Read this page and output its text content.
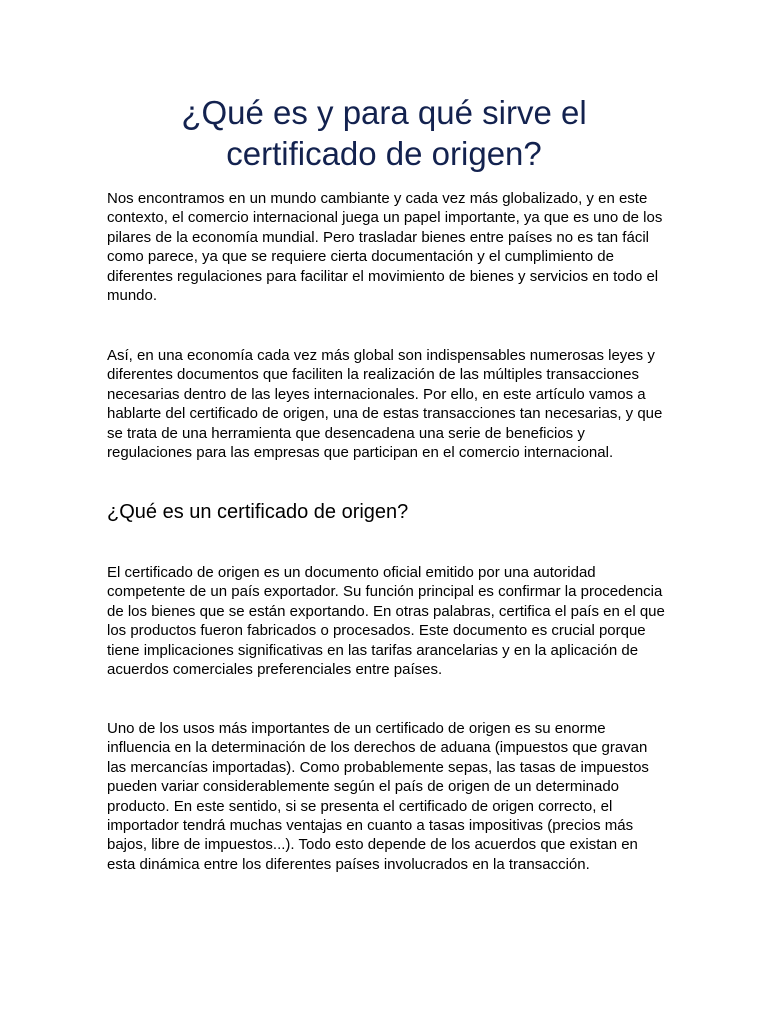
¿Qué es y para qué sirve el certificado de origen?

Nos encontramos en un mundo cambiante y cada vez más globalizado, y en este contexto, el comercio internacional juega un papel importante, ya que es uno de los pilares de la economía mundial. Pero trasladar bienes entre países no es tan fácil como parece, ya que se requiere cierta documentación y el cumplimiento de diferentes regulaciones para facilitar el movimiento de bienes y servicios en todo el mundo.

Así, en una economía cada vez más global son indispensables numerosas leyes y diferentes documentos que faciliten la realización de las múltiples transacciones necesarias dentro de las leyes internacionales. Por ello, en este artículo vamos a hablarte del certificado de origen, una de estas transacciones tan necesarias, y que se trata de una herramienta que desencadena una serie de beneficios y regulaciones para las empresas que participan en el comercio internacional.

¿Qué es un certificado de origen?

El certificado de origen es un documento oficial emitido por una autoridad competente de un país exportador. Su función principal es confirmar la procedencia de los bienes que se están exportando. En otras palabras, certifica el país en el que los productos fueron fabricados o procesados. Este documento es crucial porque tiene implicaciones significativas en las tarifas arancelarias y en la aplicación de acuerdos comerciales preferenciales entre países.

Uno de los usos más importantes de un certificado de origen es su enorme influencia en la determinación de los derechos de aduana (impuestos que gravan las mercancías importadas). Como probablemente sepas, las tasas de impuestos pueden variar considerablemente según el país de origen de un determinado producto. En este sentido, si se presenta el certificado de origen correcto, el importador tendrá muchas ventajas en cuanto a tasas impositivas (precios más bajos, libre de impuestos...). Todo esto depende de los acuerdos que existan en esta dinámica entre los diferentes países involucrados en la transacción.
